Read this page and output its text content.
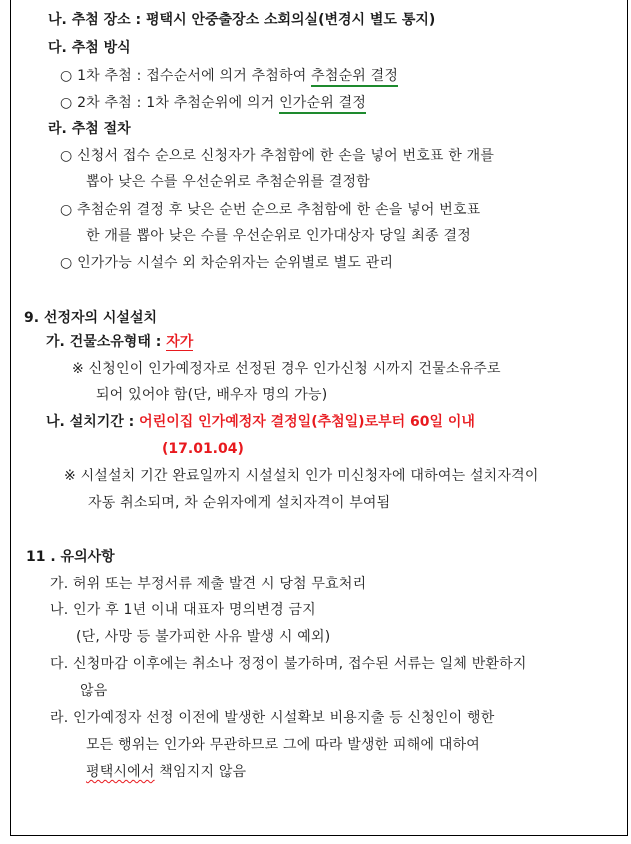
나. 추첨 장소 : 평택시 안중출장소 소회의실(변경시 별도 통지)
다. 추첨 방식
○ 1차 추첨 : 접수순서에 의거 추첨하여 추첨순위 결정
○ 2차 추첨 : 1차 추첨순위에 의거 인가순위 결정
라. 추첨 절차
○ 신청서 접수 순으로 신청자가 추첨함에 한 손을 넣어 번호표 한 개를
뽑아 낮은 수를 우선순위로 추첨순위를 결정함
○ 추첨순위 결정 후 낮은 순번 순으로 추첨함에 한 손을 넣어 번호표
한 개를 뽑아 낮은 수를 우선순위로 인가대상자 당일 최종 결정
○ 인가가능 시설수 외 차순위자는 순위별로 별도 관리
9. 선정자의 시설설치
가. 건물소유형태 : 자가
※ 신청인이 인가예정자로 선정된 경우 인가신청 시까지 건물소유주로
되어 있어야 함(단, 배우자 명의 가능)
나. 설치기간 : 어린이집 인가예정자 결정일(추첨일)로부터 60일 이내
(17.01.04)
※ 시설설치 기간 완료일까지 시설설치 인가 미신청자에 대하여는 설치자격이
자동 취소되며, 차 순위자에게 설치자격이 부여됨
11 . 유의사항
가. 허위 또는 부정서류 제출 발견 시 당첨 무효처리
나. 인가 후 1년 이내 대표자 명의변경 금지
(단, 사망 등 불가피한 사유 발생 시 예외)
다. 신청마감 이후에는 취소나 정정이 불가하며, 접수된 서류는 일체 반환하지
않음
라. 인가예정자 선정 이전에 발생한 시설확보 비용지출 등 신청인이 행한
모든 행위는 인가와 무관하므로 그에 따라 발생한 피해에 대하여
평택시에서 책임지지 않음
